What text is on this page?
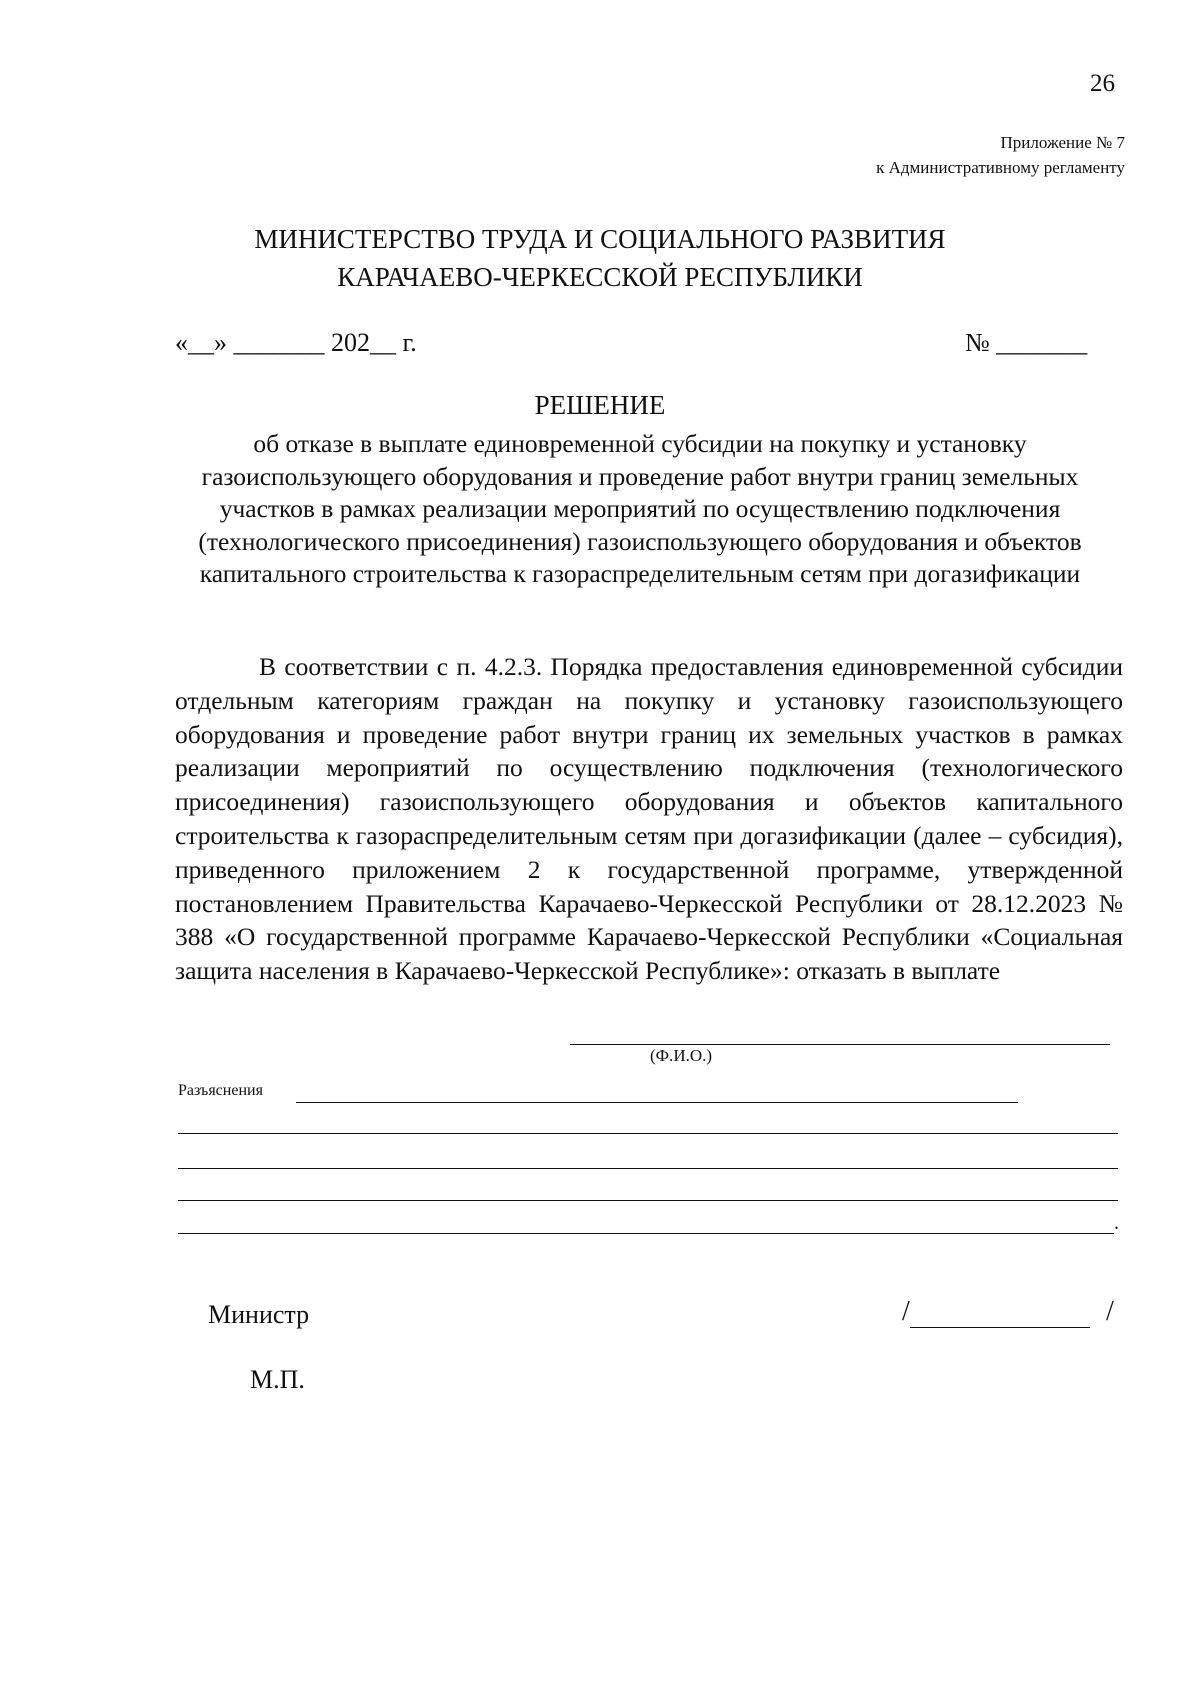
26
Приложение № 7
к Административному регламенту
МИНИСТЕРСТВО ТРУДА И СОЦИАЛЬНОГО РАЗВИТИЯ
КАРАЧАЕВО-ЧЕРКЕССКОЙ РЕСПУБЛИКИ
«__» _______ 202__ г.	№ _______
РЕШЕНИЕ
об отказе в выплате единовременной субсидии на покупку и установку газоиспользующего оборудования и проведение работ внутри границ земельных участков в рамках реализации мероприятий по осуществлению подключения (технологического присоединения) газоиспользующего оборудования и объектов капитального строительства к газораспределительным сетям при догазификации
В соответствии с п. 4.2.3. Порядка предоставления единовременной субсидии отдельным категориям граждан на покупку и установку газоиспользующего оборудования и проведение работ внутри границ их земельных участков в рамках реализации мероприятий по осуществлению подключения (технологического присоединения) газоиспользующего оборудования и объектов капитального строительства к газораспределительным сетям при догазификации (далее – субсидия), приведенного приложением 2 к государственной программе, утвержденной постановлением Правительства Карачаево-Черкесской Республики от 28.12.2023 № 388 «О государственной программе Карачаево-Черкесской Республики «Социальная защита населения в Карачаево-Черкесской Республике»: отказать в выплате
(Ф.И.О.)
Разъяснения
.
Министр	/	/
М.П.
